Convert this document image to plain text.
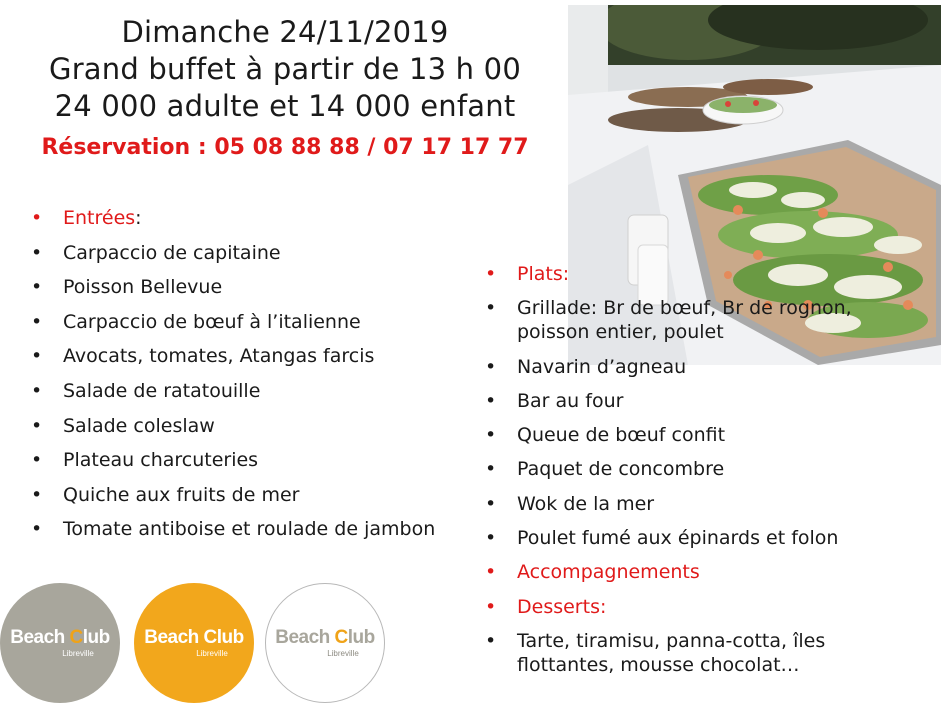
Dimanche 24/11/2019
Grand buffet à partir de 13 h 00
24 000 adulte et 14 000 enfant
Réservation : 05 08 88 88 / 07 17 17 77
• Entrées:
• Carpaccio de capitaine
• Poisson Bellevue
• Carpaccio de bœuf à l’italienne
• Avocats, tomates, Atangas farcis
• Salade de ratatouille
• Salade coleslaw
• Plateau charcuteries
• Quiche aux fruits de mer
• Tomate antiboise et roulade de jambon
• Plats:
• Grillade: Br de bœuf, Br de rognon, poisson entier, poulet
• Navarin d’agneau
• Bar au four
• Queue de bœuf confit
• Paquet de concombre
• Wok de la mer
• Poulet fumé aux épinards et folon
• Accompagnements
• Desserts:
• Tarte, tiramisu, panna-cotta, îles flottantes, mousse chocolat…
Beach Club
Libreville
Beach Club
Libreville
Beach Club
Libreville
